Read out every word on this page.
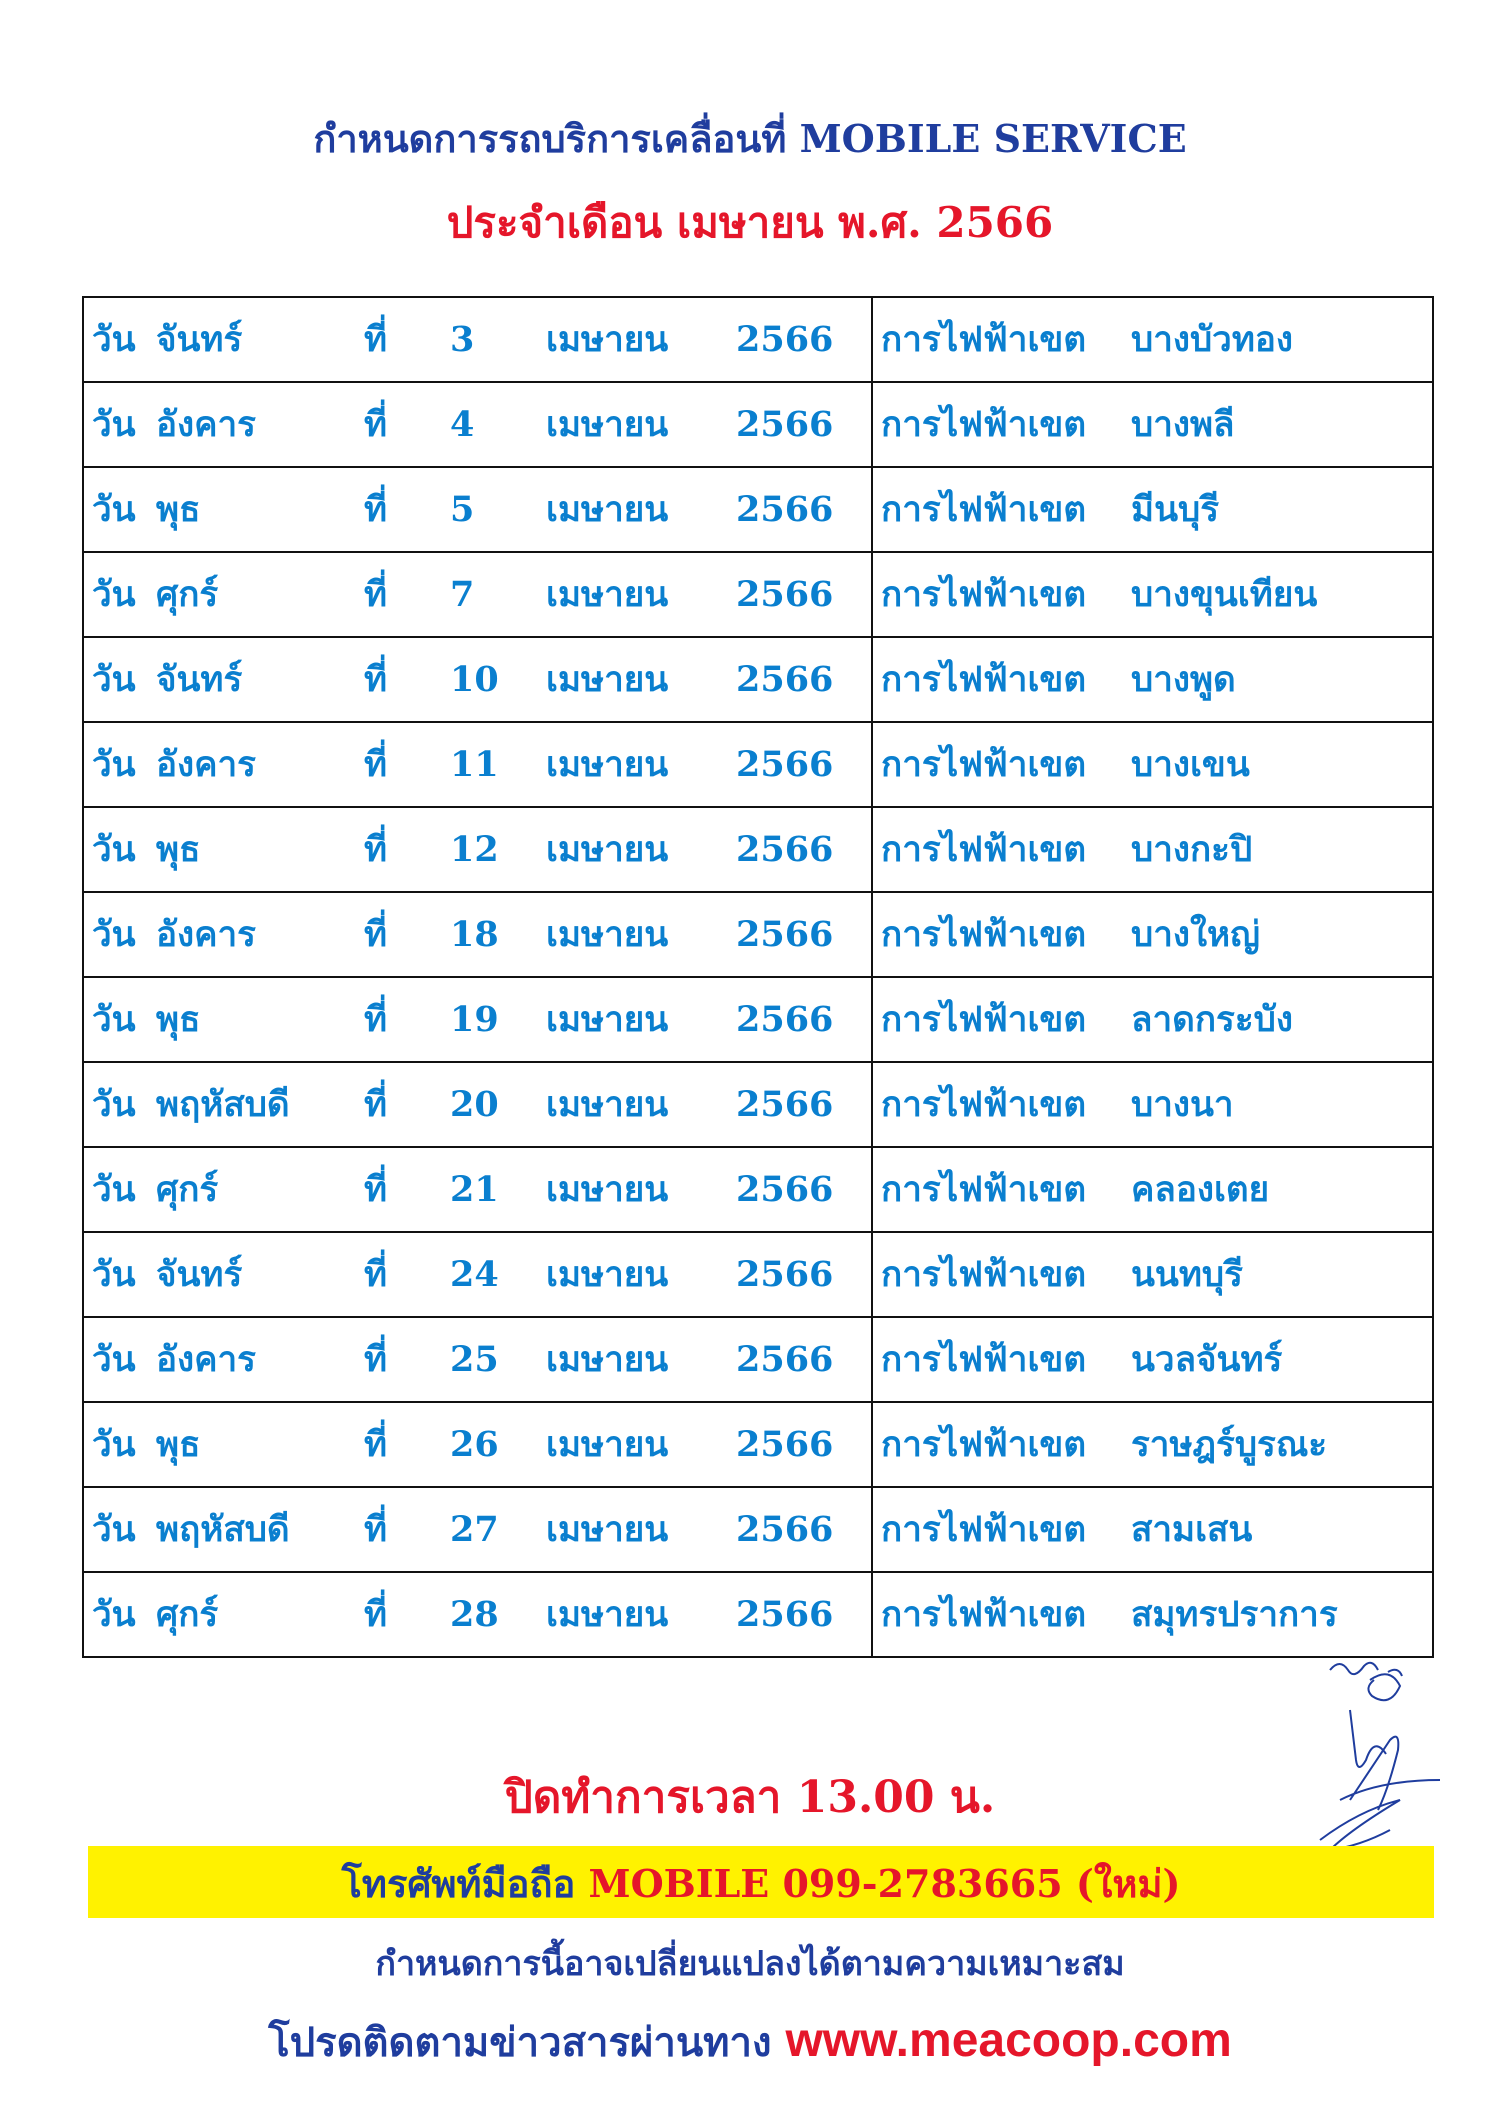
กำหนดการรถบริการเคลื่อนที่ MOBILE SERVICE
ประจำเดือน เมษายน พ.ศ. 2566
วัน จันทร์ ที่ 3 เมษายน 2566	การไฟฟ้าเขต บางบัวทอง
วัน อังคาร ที่ 4 เมษายน 2566	การไฟฟ้าเขต บางพลี
วัน พุธ ที่ 5 เมษายน 2566	การไฟฟ้าเขต มีนบุรี
วัน ศุกร์ ที่ 7 เมษายน 2566	การไฟฟ้าเขต บางขุนเทียน
วัน จันทร์ ที่ 10 เมษายน 2566	การไฟฟ้าเขต บางพูด
วัน อังคาร ที่ 11 เมษายน 2566	การไฟฟ้าเขต บางเขน
วัน พุธ ที่ 12 เมษายน 2566	การไฟฟ้าเขต บางกะปิ
วัน อังคาร ที่ 18 เมษายน 2566	การไฟฟ้าเขต บางใหญ่
วัน พุธ ที่ 19 เมษายน 2566	การไฟฟ้าเขต ลาดกระบัง
วัน พฤหัสบดี ที่ 20 เมษายน 2566	การไฟฟ้าเขต บางนา
วัน ศุกร์ ที่ 21 เมษายน 2566	การไฟฟ้าเขต คลองเตย
วัน จันทร์ ที่ 24 เมษายน 2566	การไฟฟ้าเขต นนทบุรี
วัน อังคาร ที่ 25 เมษายน 2566	การไฟฟ้าเขต นวลจันทร์
วัน พุธ ที่ 26 เมษายน 2566	การไฟฟ้าเขต ราษฎร์บูรณะ
วัน พฤหัสบดี ที่ 27 เมษายน 2566	การไฟฟ้าเขต สามเสน
วัน ศุกร์ ที่ 28 เมษายน 2566	การไฟฟ้าเขต สมุทรปราการ
ปิดทำการเวลา 13.00 น.
โทรศัพท์มือถือ MOBILE 099-2783665 (ใหม่)
กำหนดการนี้อาจเปลี่ยนแปลงได้ตามความเหมาะสม
โปรดติดตามข่าวสารผ่านทาง www.meacoop.com
